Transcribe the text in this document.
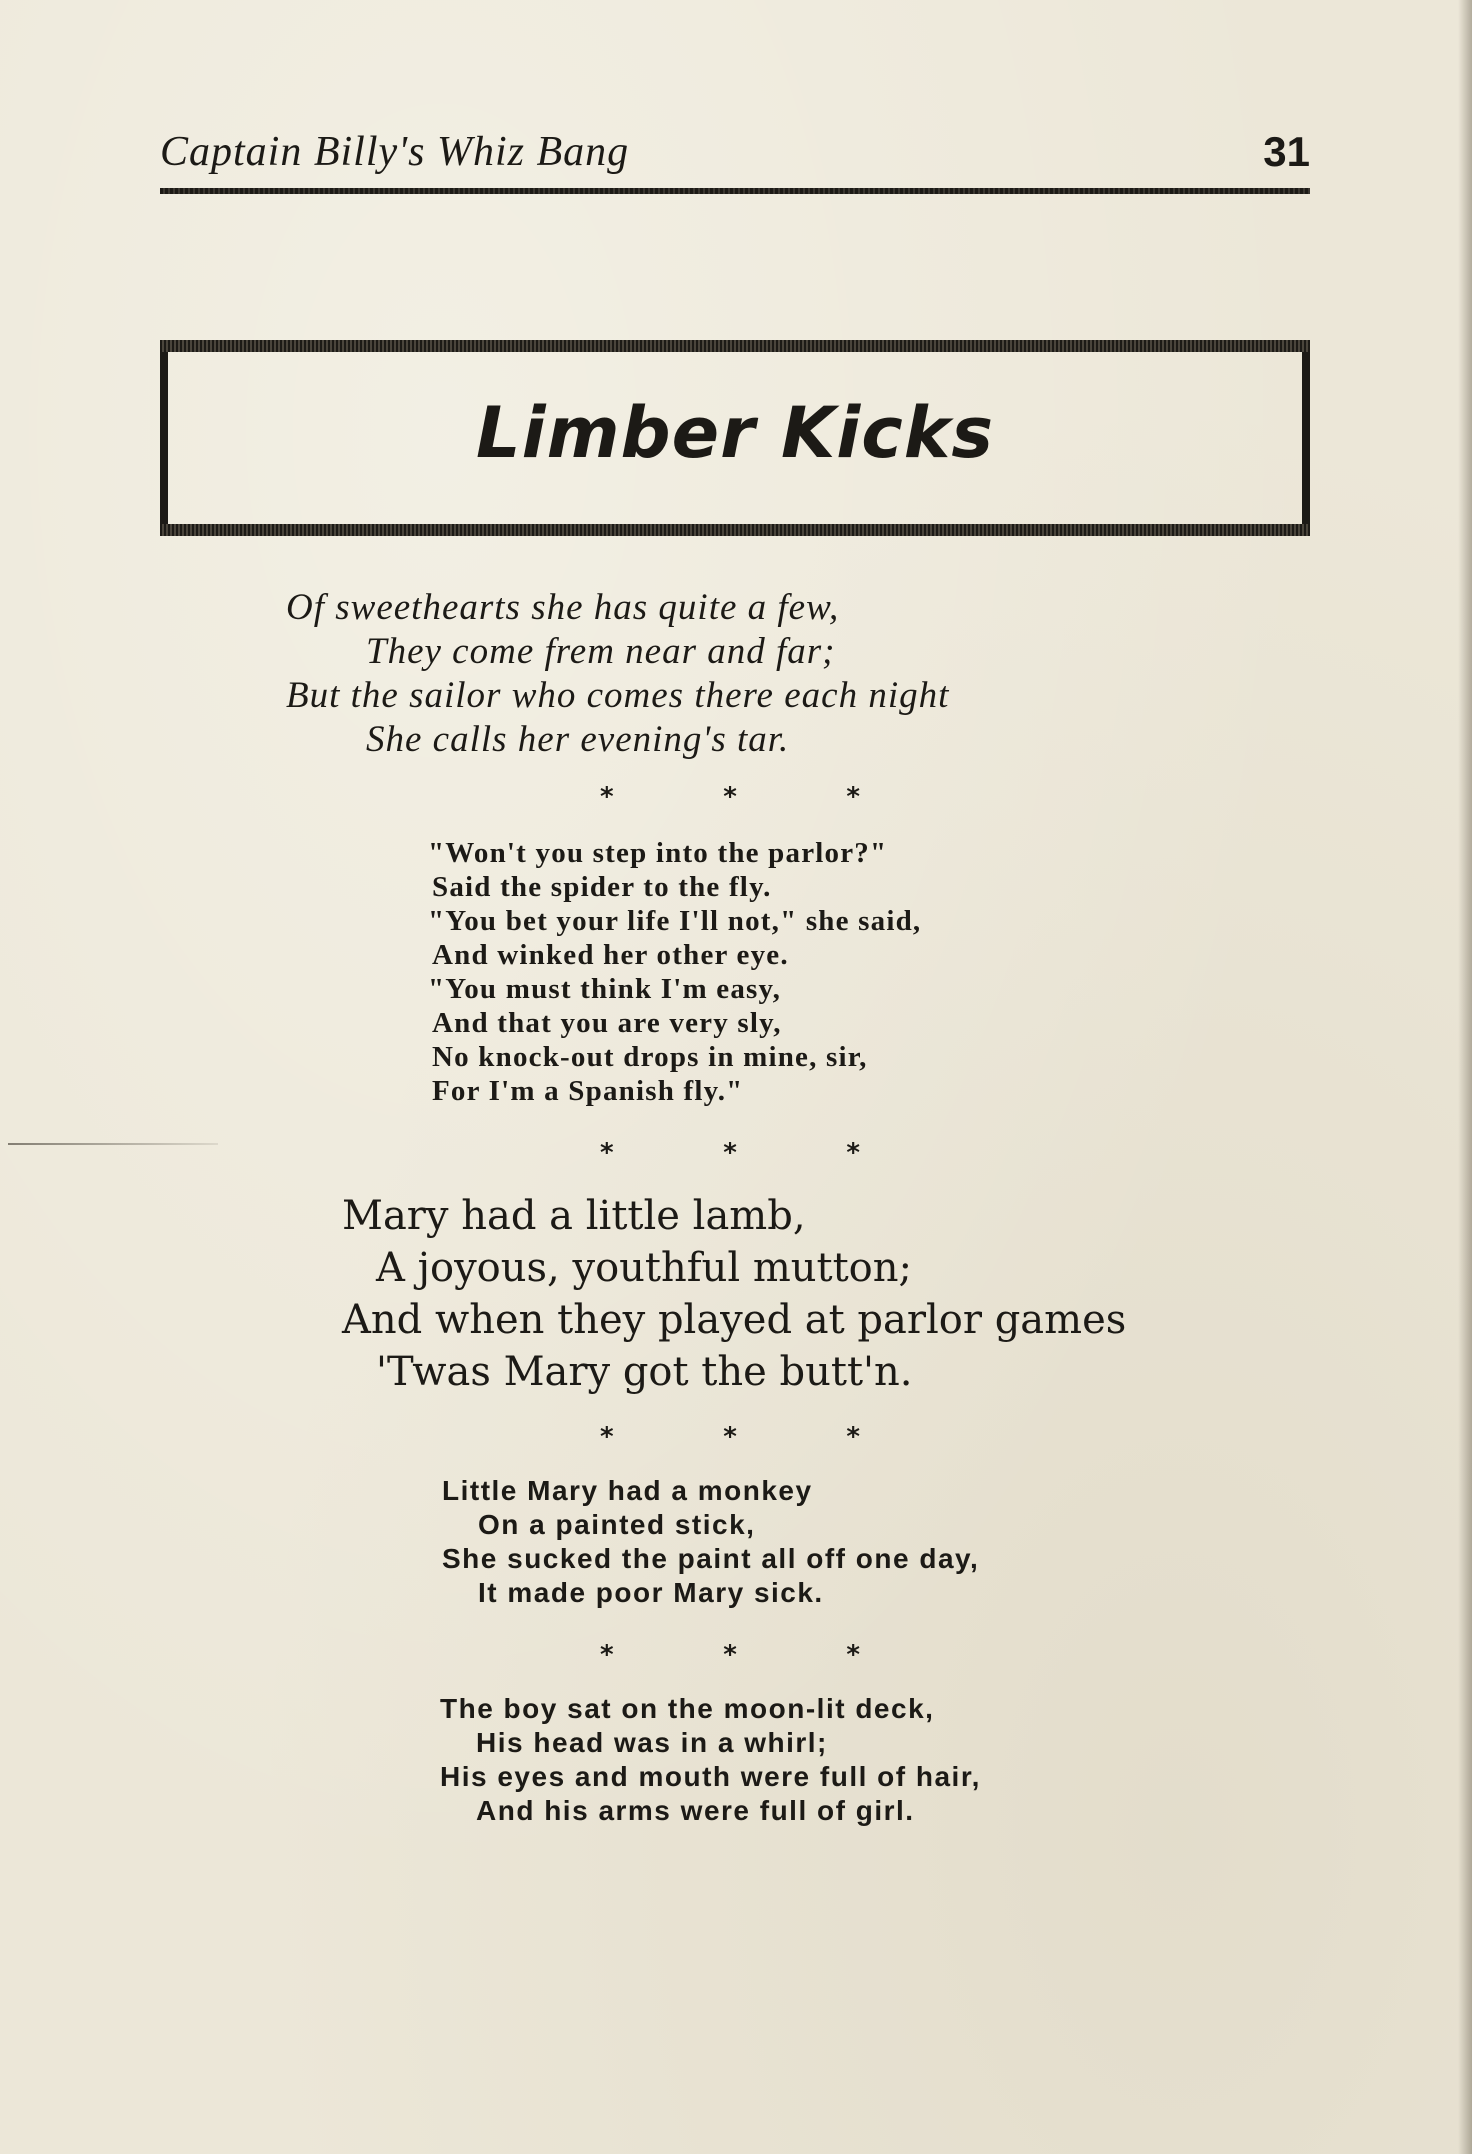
Captain Billy's Whiz Bang	31
Limber Kicks
Of sweethearts she has quite a few,
They come frem near and far;
But the sailor who comes there each night
She calls her evening's tar.
*	*	*
"Won't you step into the parlor?"
Said the spider to the fly.
"You bet your life I'll not," she said,
And winked her other eye.
"You must think I'm easy,
And that you are very sly,
No knock-out drops in mine, sir,
For I'm a Spanish fly."
*	*	*
Mary had a little lamb,
A joyous, youthful mutton;
And when they played at parlor games
'Twas Mary got the butt'n.
*	*	*
Little Mary had a monkey
On a painted stick,
She sucked the paint all off one day,
It made poor Mary sick.
*	*	*
The boy sat on the moon-lit deck,
His head was in a whirl;
His eyes and mouth were full of hair,
And his arms were full of girl.
